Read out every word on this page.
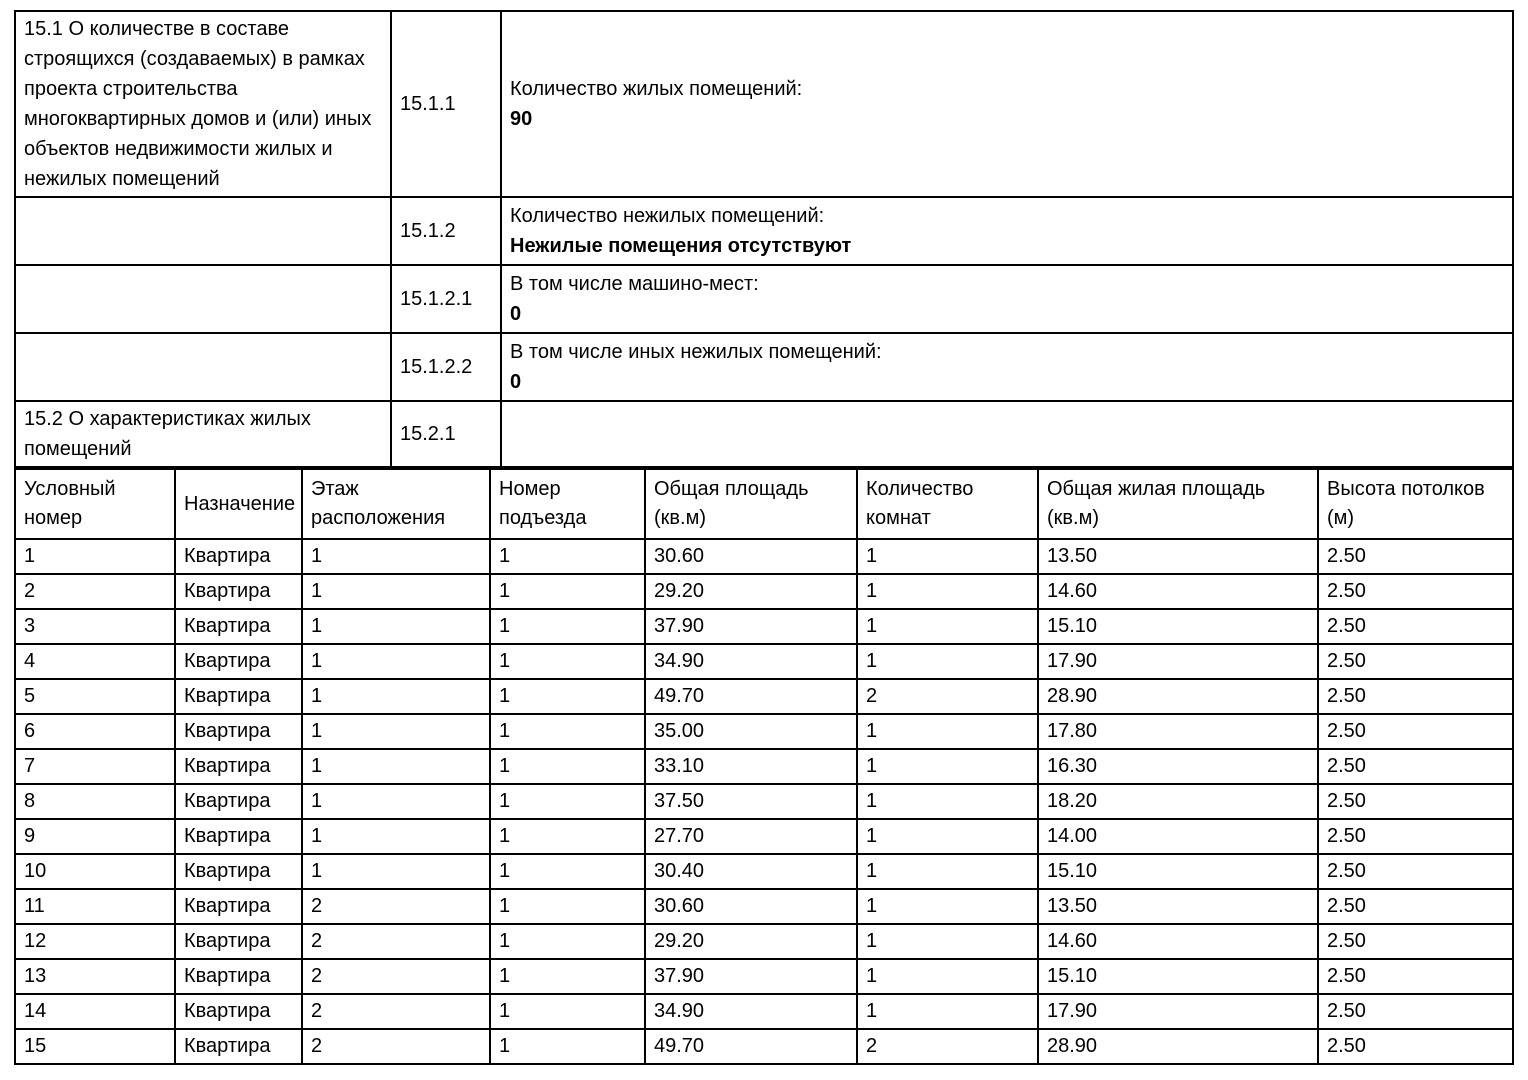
15.1 О количестве в составе строящихся (создаваемых) в рамках проекта строительства многоквартирных домов и (или) иных объектов недвижимости жилых и нежилых помещений	15.1.1	Количество жилых помещений:
90

	15.1.2	Количество нежилых помещений:
Нежилые помещения отсутствуют

	15.1.2.1	В том числе машино-мест:
0

	15.1.2.2	В том числе иных нежилых помещений:
0

15.2 О характеристиках жилых помещений	15.2.1	
Условный номер	Назначение	Этаж расположения	Номер подъезда	Общая площадь (кв.м)	Количество комнат	Общая жилая площадь (кв.м)	Высота потолков (м)
1	Квартира	1	1	30.60	1	13.50	2.50
2	Квартира	1	1	29.20	1	14.60	2.50
3	Квартира	1	1	37.90	1	15.10	2.50
4	Квартира	1	1	34.90	1	17.90	2.50
5	Квартира	1	1	49.70	2	28.90	2.50
6	Квартира	1	1	35.00	1	17.80	2.50
7	Квартира	1	1	33.10	1	16.30	2.50
8	Квартира	1	1	37.50	1	18.20	2.50
9	Квартира	1	1	27.70	1	14.00	2.50
10	Квартира	1	1	30.40	1	15.10	2.50
11	Квартира	2	1	30.60	1	13.50	2.50
12	Квартира	2	1	29.20	1	14.60	2.50
13	Квартира	2	1	37.90	1	15.10	2.50
14	Квартира	2	1	34.90	1	17.90	2.50
15	Квартира	2	1	49.70	2	28.90	2.50
